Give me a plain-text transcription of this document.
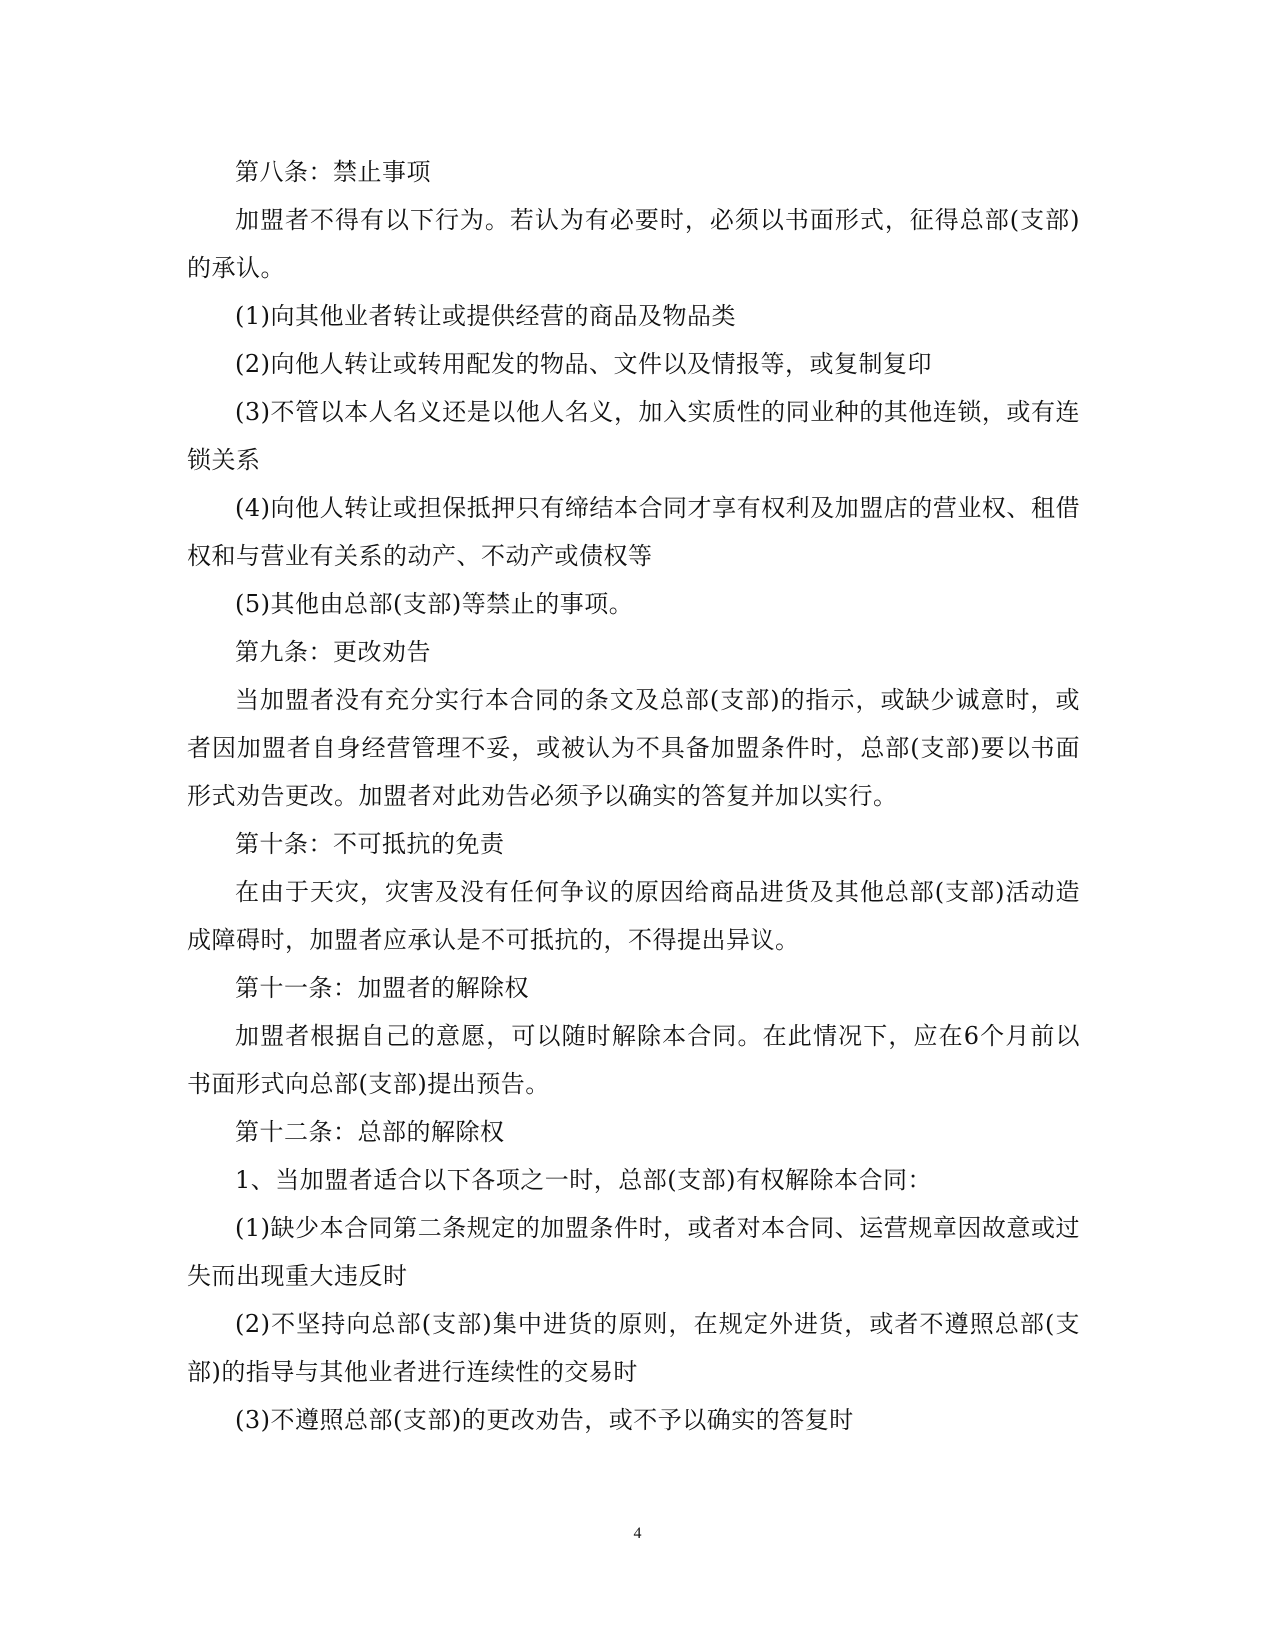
第八条：禁止事项

加盟者不得有以下行为。若认为有必要时，必须以书面形式，征得总部(支部)的承认。

(1)向其他业者转让或提供经营的商品及物品类

(2)向他人转让或转用配发的物品、文件以及情报等，或复制复印

(3)不管以本人名义还是以他人名义，加入实质性的同业种的其他连锁，或有连锁关系

(4)向他人转让或担保抵押只有缔结本合同才享有权利及加盟店的营业权、租借权和与营业有关系的动产、不动产或债权等

(5)其他由总部(支部)等禁止的事项。

第九条：更改劝告

当加盟者没有充分实行本合同的条文及总部(支部)的指示，或缺少诚意时，或者因加盟者自身经营管理不妥，或被认为不具备加盟条件时，总部(支部)要以书面形式劝告更改。加盟者对此劝告必须予以确实的答复并加以实行。

第十条：不可抵抗的免责

在由于天灾，灾害及没有任何争议的原因给商品进货及其他总部(支部)活动造成障碍时，加盟者应承认是不可抵抗的，不得提出异议。

第十一条：加盟者的解除权

加盟者根据自己的意愿，可以随时解除本合同。在此情况下，应在6个月前以书面形式向总部(支部)提出预告。

第十二条：总部的解除权

1、当加盟者适合以下各项之一时，总部(支部)有权解除本合同：

(1)缺少本合同第二条规定的加盟条件时，或者对本合同、运营规章因故意或过失而出现重大违反时

(2)不坚持向总部(支部)集中进货的原则，在规定外进货，或者不遵照总部(支部)的指导与其他业者进行连续性的交易时

(3)不遵照总部(支部)的更改劝告，或不予以确实的答复时

4
